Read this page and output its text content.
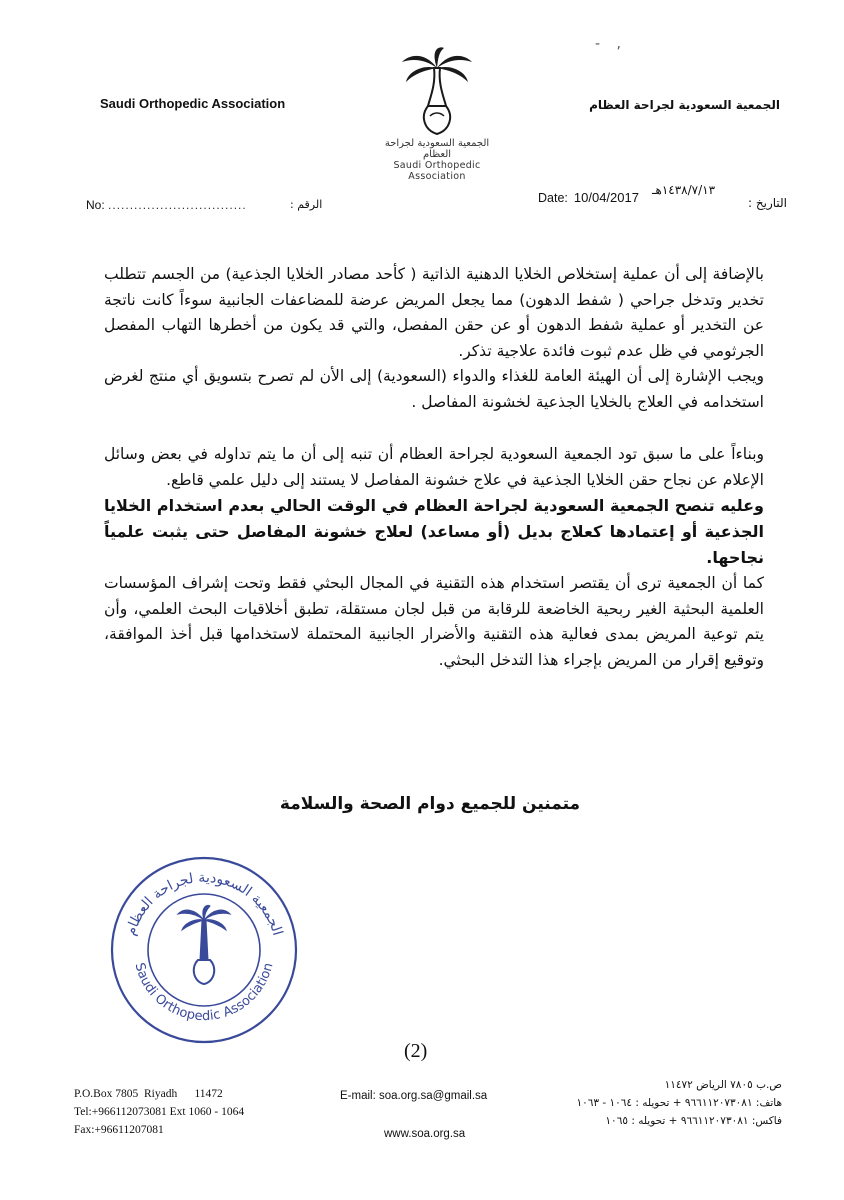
- ,
Saudi Orthopedic Association	الجمعية السعودية لجراحة العظام
الجمعية السعودية لجراحة العظام
Saudi Orthopedic Association
No: ................................	الرقم :	Date: 10/04/2017 ١٤٣٨/٧/١٣هـ
التاريخ :

بالإضافة إلى أن عملية إستخلاص الخلايا الدهنية الذاتية ( كأحد مصادر الخلايا الجذعية) من الجسم تتطلب تخدير وتدخل جراحي ( شفط الدهون) مما يجعل المريض عرضة للمضاعفات الجانبية سوءاً كانت ناتجة عن التخدير أو عملية شفط الدهون أو عن حقن المفصل، والتي قد يكون من أخطرها التهاب المفصل الجرثومي في ظل عدم ثبوت فائدة علاجية تذكر.

ويجب الإشارة إلى أن الهيئة العامة للغذاء والدواء (السعودية) إلى الأن لم تصرح بتسويق أي منتج لغرض استخدامه في العلاج بالخلايا الجذعية لخشونة المفاصل .

وبناءاً على ما سبق تود الجمعية السعودية لجراحة العظام أن تنبه إلى أن ما يتم تداوله في بعض وسائل الإعلام عن نجاح حقن الخلايا الجذعية في علاج خشونة المفاصل لا يستند إلى دليل علمي قاطع.

وعليه تنصح الجمعية السعودية لجراحة العظام في الوقت الحالي بعدم استخدام الخلايا الجذعية أو إعتمادها كعلاج بديل (أو مساعد) لعلاج خشونة المفاصل حتى يثبت علمياً نجاحها.

كما أن الجمعية ترى أن يقتصر استخدام هذه التقنية في المجال البحثي فقط وتحت إشراف المؤسسات العلمية البحثية الغير ربحية الخاضعة للرقابة من قبل لجان مستقلة، تطبق أخلاقيات البحث العلمي، وأن يتم توعية المريض بمدى فعالية هذه التقنية والأضرار الجانبية المحتملة لاستخدامها قبل أخذ الموافقة، وتوقيع إقرار من المريض بإجراء هذا التدخل البحثي.

متمنين للجميع دوام الصحة والسلامة
الجمعية السعودية لجراحة العظام
Saudi Orthopedic Association
(2)
P.O.Box 7805  Riyadh      11472
Tel:+966112073081 Ext 1060 - 1064
Fax:+96611207081
E-mail: soa.org.sa@gmail.sa
www.soa.org.sa
ص.ب ٧٨٠٥ الرياض ١١٤٧٢
هاتف: ٩٦٦١١٢٠٧٣٠٨١ + تحويله : ١٠٦٤ - ١٠٦٣
فاكس: ٩٦٦١١٢٠٧٣٠٨١ + تحويله : ١٠٦٥
